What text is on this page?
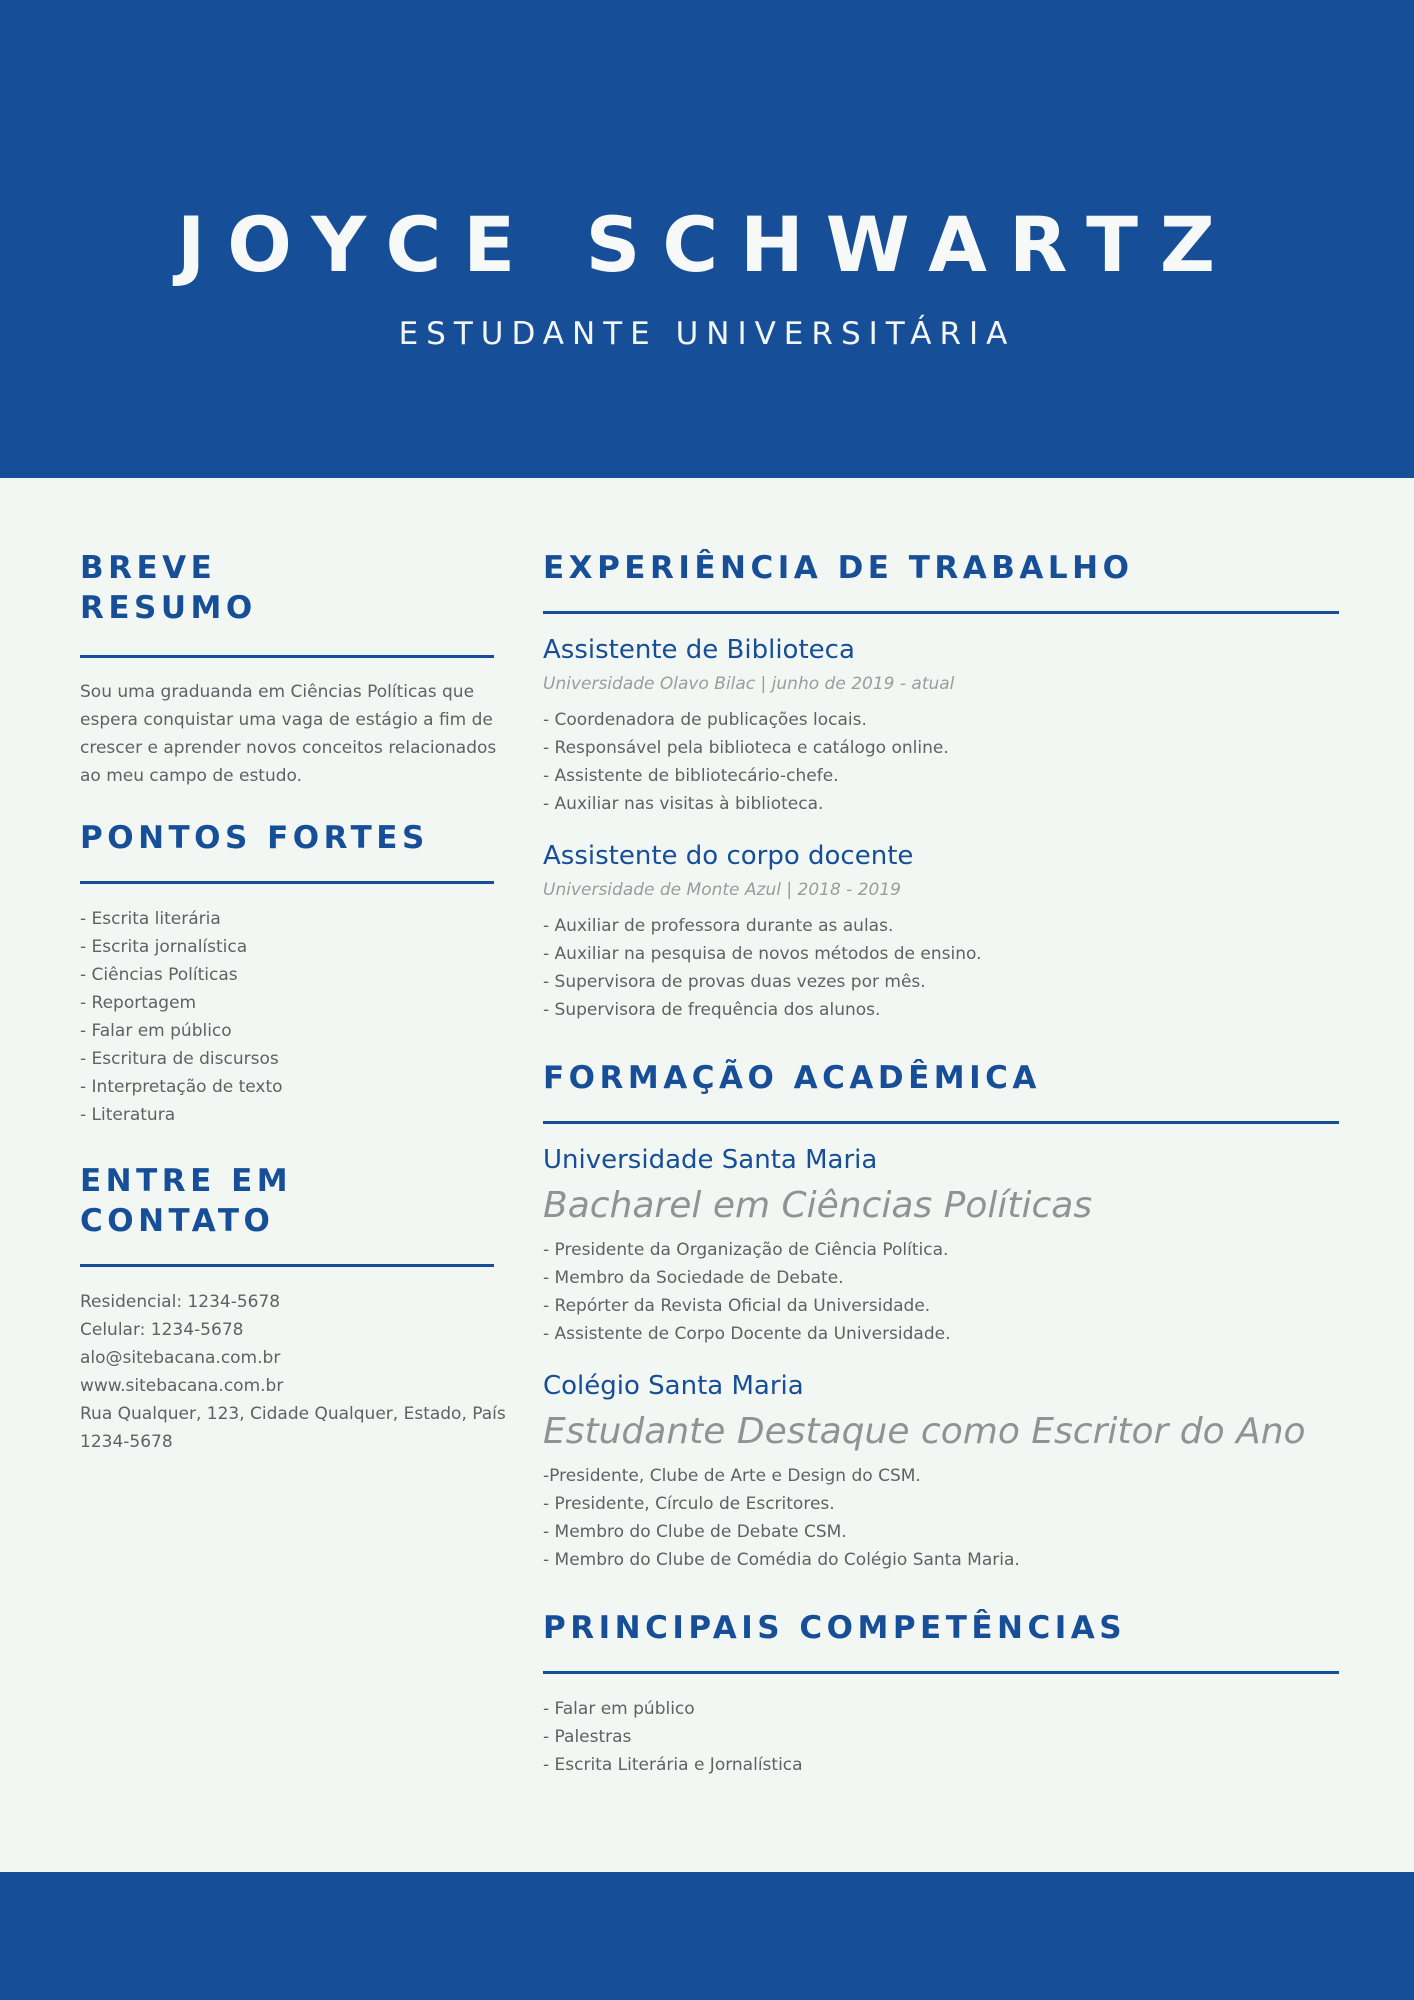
JOYCE SCHWARTZ
ESTUDANTE UNIVERSITÁRIA
BREVE
RESUMO
Sou uma graduanda em Ciências Políticas que
espera conquistar uma vaga de estágio a fim de
crescer e aprender novos conceitos relacionados
ao meu campo de estudo.
PONTOS FORTES
- Escrita literária
- Escrita jornalística
- Ciências Políticas
- Reportagem
- Falar em público
- Escritura de discursos
- Interpretação de texto
- Literatura
ENTRE EM CONTATO
Residencial: 1234-5678
Celular: 1234-5678
alo@sitebacana.com.br
www.sitebacana.com.br
Rua Qualquer, 123, Cidade Qualquer, Estado, País
1234-5678
EXPERIÊNCIA DE TRABALHO
Assistente de Biblioteca
Universidade Olavo Bilac | junho de 2019 - atual
- Coordenadora de publicações locais.
- Responsável pela biblioteca e catálogo online.
- Assistente de bibliotecário-chefe.
- Auxiliar nas visitas à biblioteca.
Assistente do corpo docente
Universidade de Monte Azul | 2018 - 2019
- Auxiliar de professora durante as aulas.
- Auxiliar na pesquisa de novos métodos de ensino.
- Supervisora de provas duas vezes por mês.
- Supervisora de frequência dos alunos.
FORMAÇÃO ACADÊMICA
Universidade Santa Maria
Bacharel em Ciências Políticas
- Presidente da Organização de Ciência Política.
- Membro da Sociedade de Debate.
- Repórter da Revista Oficial da Universidade.
- Assistente de Corpo Docente da Universidade.
Colégio Santa Maria
Estudante Destaque como Escritor do Ano
-Presidente, Clube de Arte e Design do CSM.
- Presidente, Círculo de Escritores.
- Membro do Clube de Debate CSM.
- Membro do Clube de Comédia do Colégio Santa Maria.
PRINCIPAIS COMPETÊNCIAS
- Falar em público
- Palestras
- Escrita Literária e Jornalística
